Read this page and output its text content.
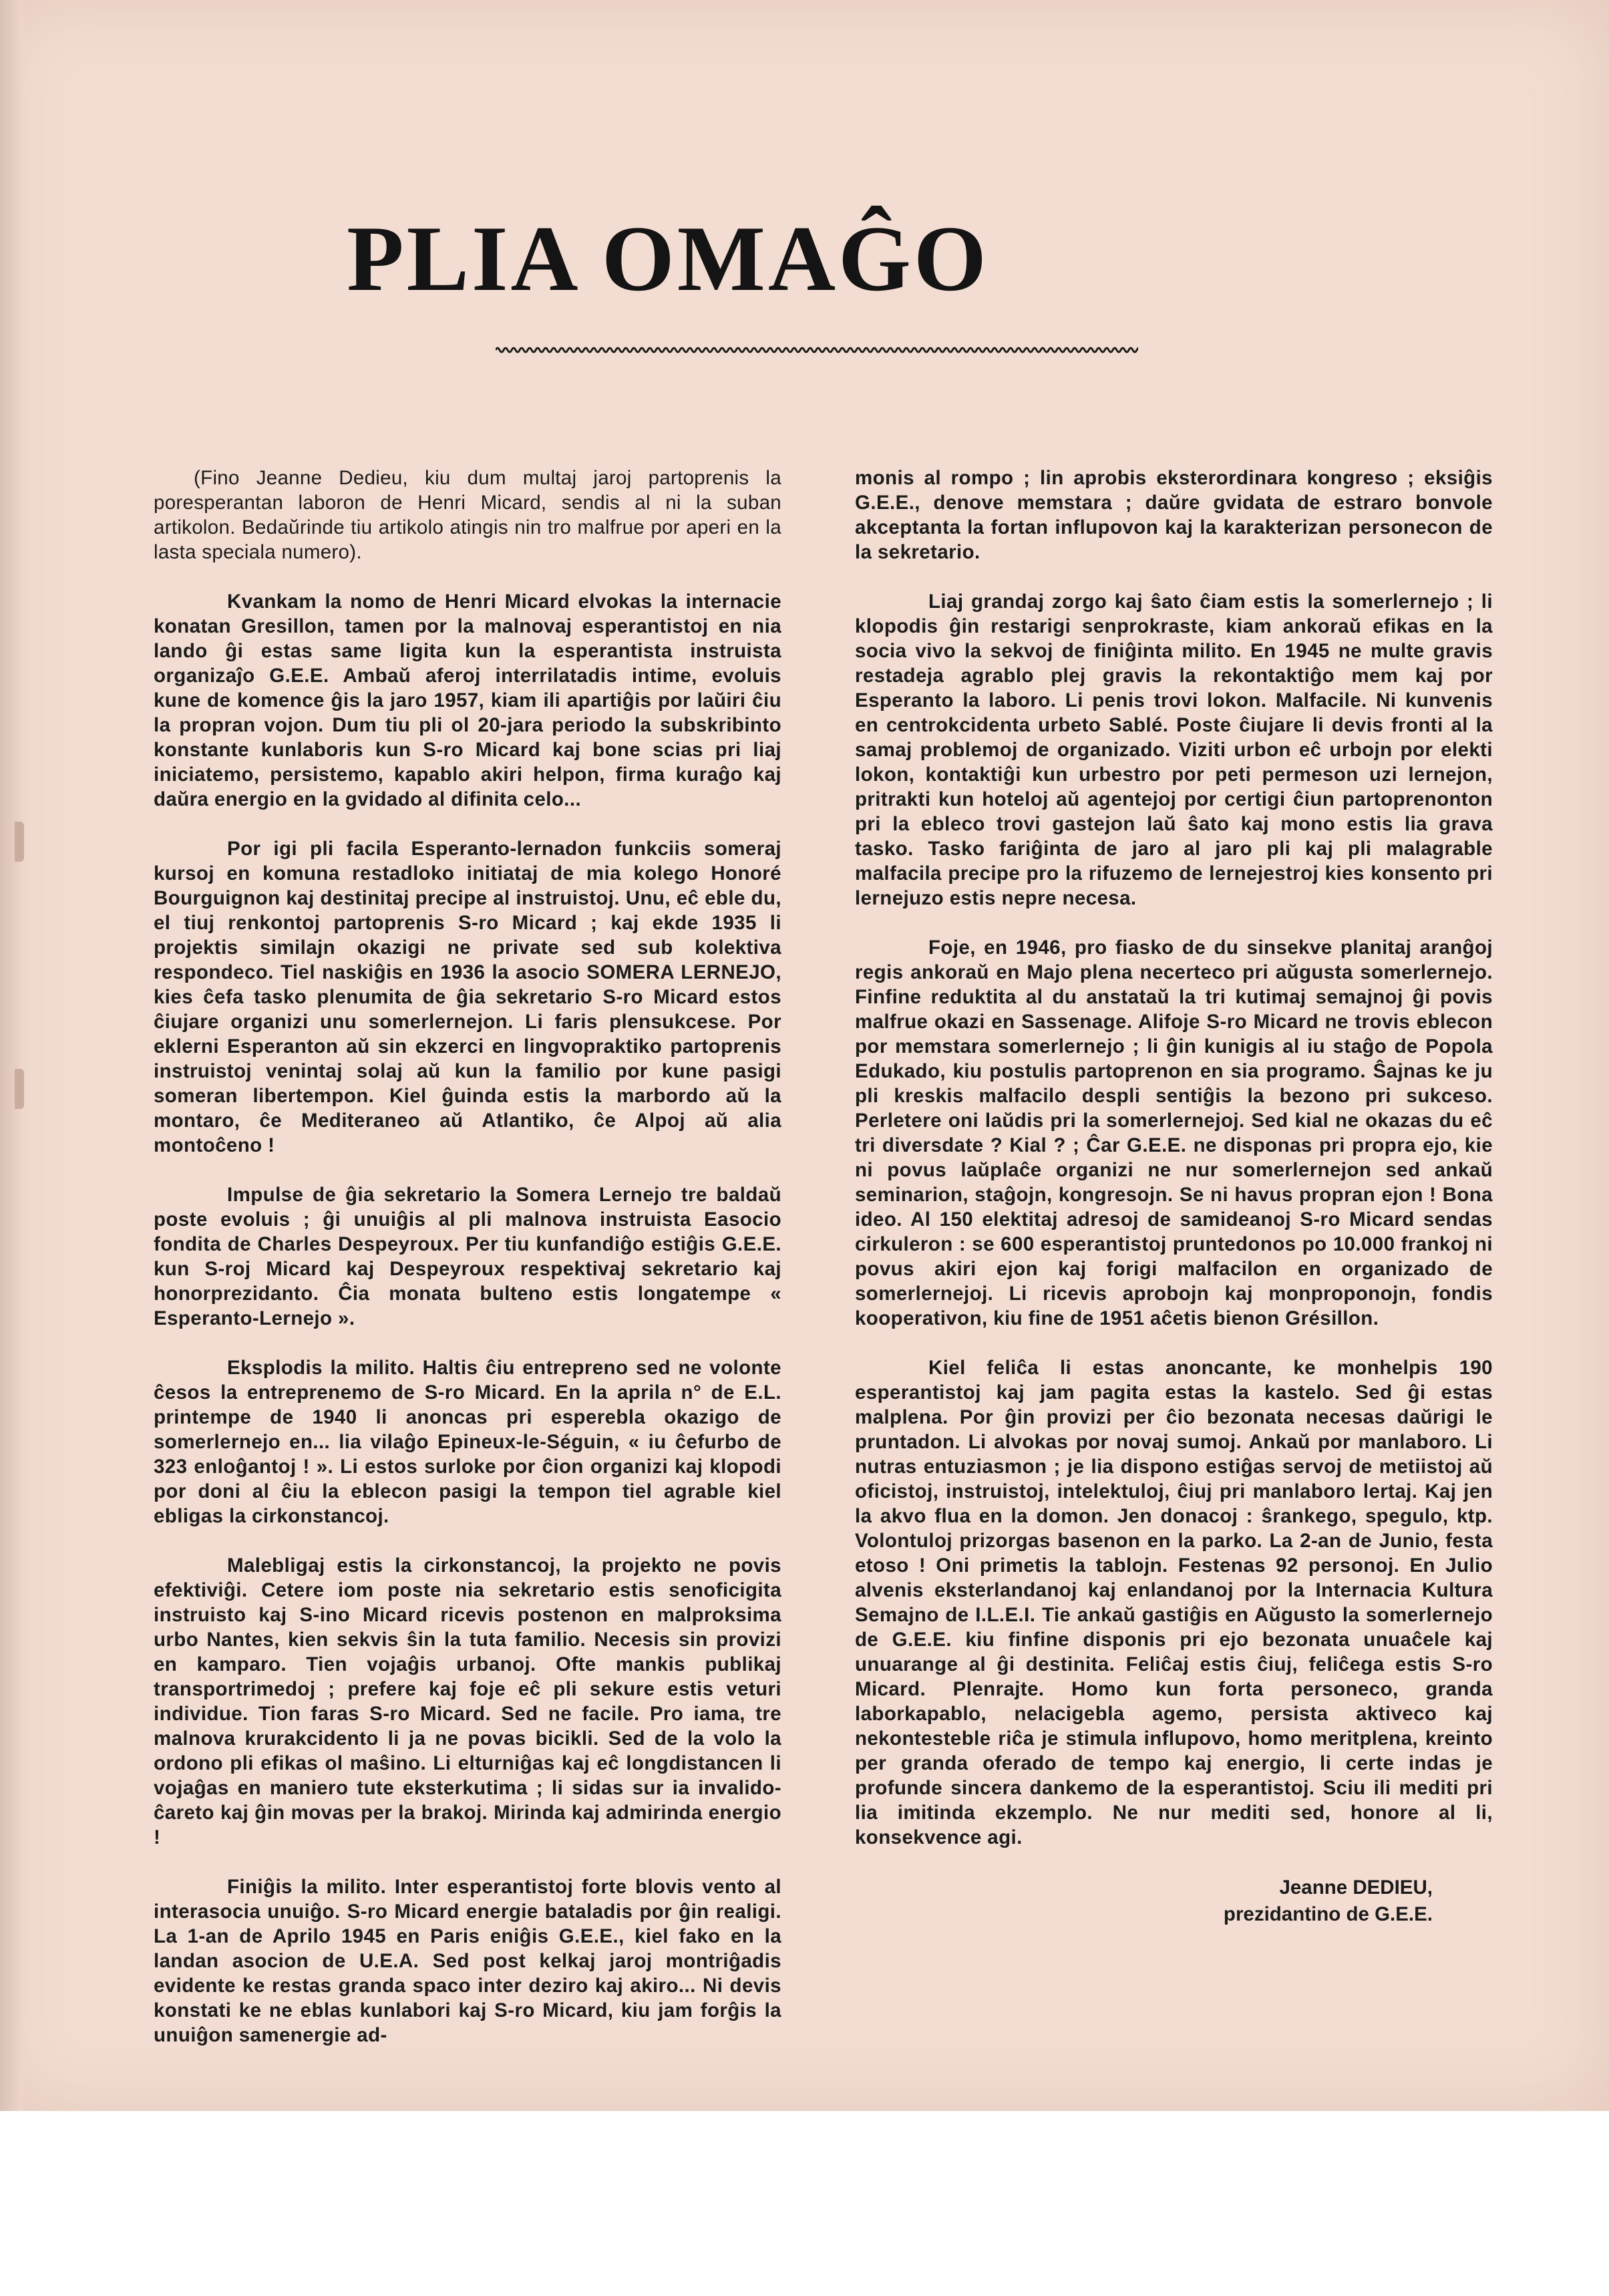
PLIA OMAĜO

(Fino Jeanne Dedieu, kiu dum multaj jaroj partoprenis la poresperantan laboron de Henri Micard, sendis al ni la suban artikolon. Bedaŭrinde tiu artikolo atingis nin tro malfrue por aperi en la lasta speciala numero).

Kvankam la nomo de Henri Micard elvokas la internacie konatan Gresillon, tamen por la malnovaj esperantistoj en nia lando ĝi estas same ligita kun la esperantista instruista organizaĵo G.E.E. Ambaŭ aferoj interrilatadis intime, evoluis kune de komence ĝis la jaro 1957, kiam ili apartiĝis por laŭiri ĉiu la propran vojon. Dum tiu pli ol 20-jara periodo la subskribinto konstante kunlaboris kun S-ro Micard kaj bone scias pri liaj iniciatemo, persistemo, kapablo akiri helpon, firma kuraĝo kaj daŭra energio en la gvidado al difinita celo...

Por igi pli facila Esperanto-lernadon funkciis someraj kursoj en komuna restadloko initiataj de mia kolego Honoré Bourguignon kaj destinitaj precipe al instruistoj. Unu, eĉ eble du, el tiuj renkontoj partoprenis S-ro Micard ; kaj ekde 1935 li projektis similajn okazigi ne private sed sub kolektiva respondeco. Tiel naskiĝis en 1936 la asocio SOMERA LERNEJO, kies ĉefa tasko plenumita de ĝia sekretario S-ro Micard estos ĉiujare organizi unu somerlernejon. Li faris plensukcese. Por eklerni Esperanton aŭ sin ekzerci en lingvopraktiko partoprenis instruistoj venintaj solaj aŭ kun la familio por kune pasigi someran libertempon. Kiel ĝuinda estis la marbordo aŭ la montaro, ĉe Mediteraneo aŭ Atlantiko, ĉe Alpoj aŭ alia montoĉeno !

Impulse de ĝia sekretario la Somera Lernejo tre baldaŭ poste evoluis ; ĝi unuiĝis al pli malnova instruista Easocio fondita de Charles Despeyroux. Per tiu kunfandiĝo estiĝis G.E.E. kun S-roj Micard kaj Despeyroux respektivaj sekretario kaj honorprezidanto. Ĉia monata bulteno estis longatempe « Esperanto-Lernejo ».

Eksplodis la milito. Haltis ĉiu entrepreno sed ne volonte ĉesos la entreprenemo de S-ro Micard. En la aprila n° de E.L. printempe de 1940 li anoncas pri esperebla okazigo de somerlernejo en... lia vilaĝo Epineux-le-Séguin, « iu ĉefurbo de 323 enloĝantoj ! ». Li estos surloke por ĉion organizi kaj klopodi por doni al ĉiu la eblecon pasigi la tempon tiel agrable kiel ebligas la cirkonstancoj.

Malebligaj estis la cirkonstancoj, la projekto ne povis efektiviĝi. Cetere iom poste nia sekretario estis senoficigita instruisto kaj S-ino Micard ricevis postenon en malproksima urbo Nantes, kien sekvis ŝin la tuta familio. Necesis sin provizi en kamparo. Tien vojaĝis urbanoj. Ofte mankis publikaj transportrimedoj ; prefere kaj foje eĉ pli sekure estis veturi individue. Tion faras S-ro Micard. Sed ne facile. Pro iama, tre malnova krurakcidento li ja ne povas bicikli. Sed de la volo la ordono pli efikas ol maŝino. Li elturniĝas kaj eĉ longdistancen li vojaĝas en maniero tute eksterkutima ; li sidas sur ia invalido-ĉareto kaj ĝin movas per la brakoj. Mirinda kaj admirinda energio !

Finiĝis la milito. Inter esperantistoj forte blovis vento al interasocia unuiĝo. S-ro Micard energie bataladis por ĝin realigi. La 1-an de Aprilo 1945 en Paris eniĝis G.E.E., kiel fako en la landan asocion de U.E.A. Sed post kelkaj jaroj montriĝadis evidente ke restas granda spaco inter deziro kaj akiro... Ni devis konstati ke ne eblas kunlabori kaj S-ro Micard, kiu jam forĝis la unuiĝon samenergie ad-

monis al rompo ; lin aprobis eksterordinara kongreso ; eksiĝis G.E.E., denove memstara ; daŭre gvidata de estraro bonvole akceptanta la fortan influpovon kaj la karakterizan personecon de la sekretario.

Liaj grandaj zorgo kaj ŝato ĉiam estis la somerlernejo ; li klopodis ĝin restarigi senprokraste, kiam ankoraŭ efikas en la socia vivo la sekvoj de finiĝinta milito. En 1945 ne multe gravis restadeja agrablo plej gravis la rekontaktiĝo mem kaj por Esperanto la laboro. Li penis trovi lokon. Malfacile. Ni kunvenis en centrokcidenta urbeto Sablé. Poste ĉiujare li devis fronti al la samaj problemoj de organizado. Viziti urbon eĉ urbojn por elekti lokon, kontaktiĝi kun urbestro por peti permeson uzi lernejon, pritrakti kun hoteloj aŭ agentejoj por certigi ĉiun partoprenonton pri la ebleco trovi gastejon laŭ ŝato kaj mono estis lia grava tasko. Tasko fariĝinta de jaro al jaro pli kaj pli malagrable malfacila precipe pro la rifuzemo de lernejestroj kies konsento pri lernejuzo estis nepre necesa.

Foje, en 1946, pro fiasko de du sinsekve planitaj aranĝoj regis ankoraŭ en Majo plena necerteco pri aŭgusta somerlernejo. Finfine reduktita al du anstataŭ la tri kutimaj semajnoj ĝi povis malfrue okazi en Sassenage. Alifoje S-ro Micard ne trovis eblecon por memstara somerlernejo ; li ĝin kunigis al iu staĝo de Popola Edukado, kiu postulis partoprenon en sia programo. Ŝajnas ke ju pli kreskis malfacilo despli sentiĝis la bezono pri sukceso. Perletere oni laŭdis pri la somerlernejoj. Sed kial ne okazas du eĉ tri diversdate ? Kial ? ; Ĉar G.E.E. ne disponas pri propra ejo, kie ni povus laŭplaĉe organizi ne nur somerlernejon sed ankaŭ seminarion, staĝojn, kongresojn. Se ni havus propran ejon ! Bona ideo. Al 150 elektitaj adresoj de samideanoj S-ro Micard sendas cirkuleron : se 600 esperantistoj pruntedonos po 10.000 frankoj ni povus akiri ejon kaj forigi malfacilon en organizado de somerlernejoj. Li ricevis aprobojn kaj monproponojn, fondis kooperativon, kiu fine de 1951 aĉetis bienon Grésillon.

Kiel feliĉa li estas anoncante, ke monhelpis 190 esperantistoj kaj jam pagita estas la kastelo. Sed ĝi estas malplena. Por ĝin provizi per ĉio bezonata necesas daŭrigi le pruntadon. Li alvokas por novaj sumoj. Ankaŭ por manlaboro. Li nutras entuziasmon ; je lia dispono estiĝas servoj de metiistoj aŭ oficistoj, instruistoj, intelektuloj, ĉiuj pri manlaboro lertaj. Kaj jen la akvo flua en la domon. Jen donacoj : ŝrankego, spegulo, ktp. Volontuloj prizorgas basenon en la parko. La 2-an de Junio, festa etoso ! Oni primetis la tablojn. Festenas 92 personoj. En Julio alvenis eksterlandanoj kaj enlandanoj por la Internacia Kultura Semajno de I.L.E.I. Tie ankaŭ gastiĝis en Aŭgusto la somerlernejo de G.E.E. kiu finfine disponis pri ejo bezonata unuaĉele kaj unuarange al ĝi destinita. Feliĉaj estis ĉiuj, feliĉega estis S-ro Micard. Plenrajte. Homo kun forta personeco, granda laborkapablo, nelacigebla agemo, persista aktiveco kaj nekontesteble riĉa je stimula influpovo, homo meritplena, kreinto per granda oferado de tempo kaj energio, li certe indas je profunde sincera dankemo de la esperantistoj. Sciu ili mediti pri lia imitinda ekzemplo. Ne nur mediti sed, honore al li, konsekvence agi.

Jeanne DEDIEU,
prezidantino de G.E.E.
